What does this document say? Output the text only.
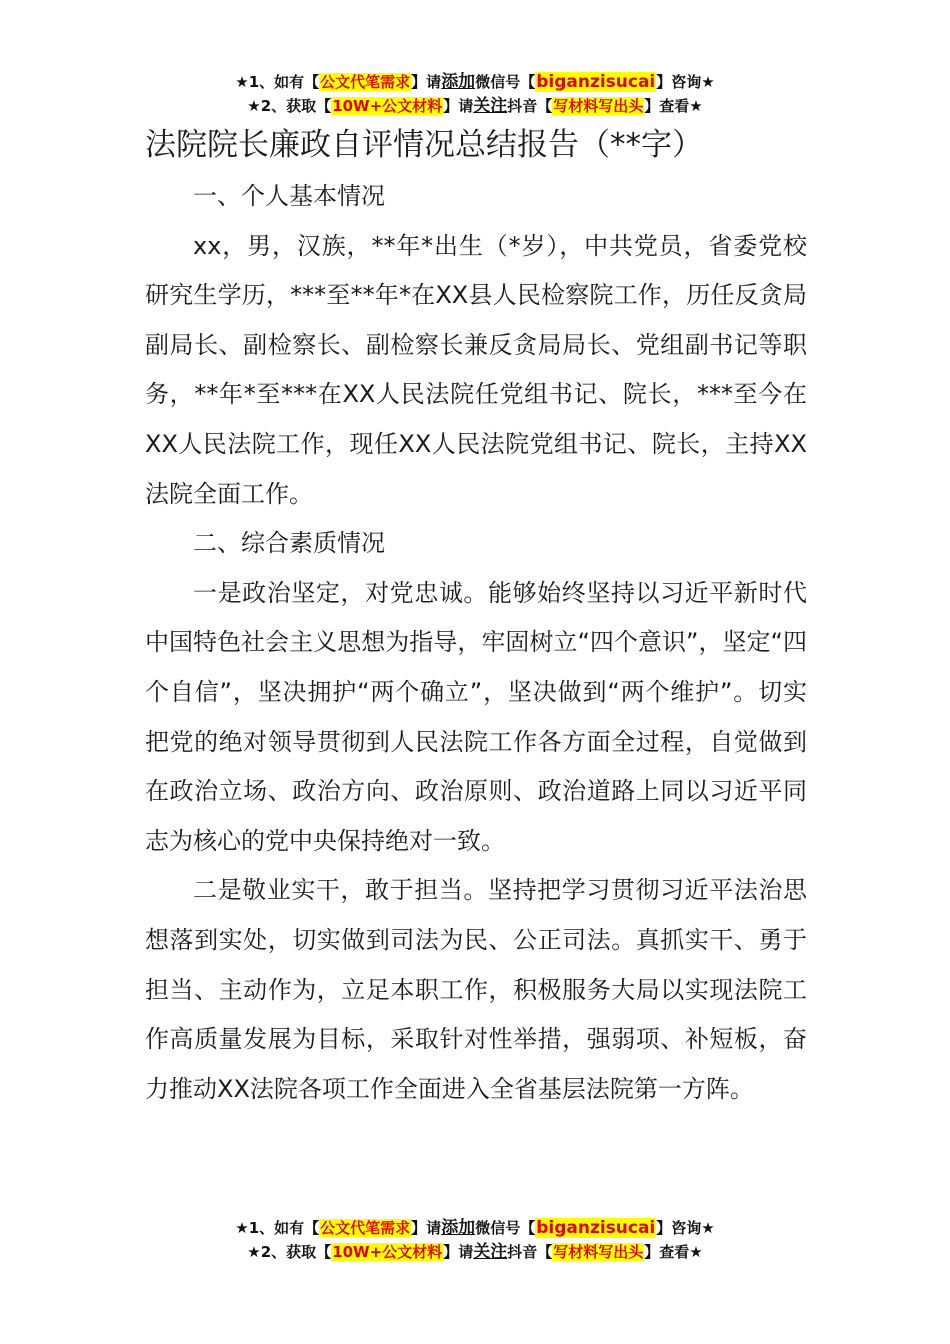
★1、如有【公文代笔需求】请添加微信号【biganzisucai】咨询★
★2、获取【10W+公文材料】请关注抖音【写材料写出头】查看★
法院院长廉政自评情况总结报告（**字）

一、个人基本情况

xx，男，汉族，**年*出生（*岁），中共党员，省委党校研究生学历，***至**年*在XX县人民检察院工作，历任反贪局副局长、副检察长、副检察长兼反贪局局长、党组副书记等职务，**年*至***在XX人民法院任党组书记、院长，***至今在XX人民法院工作，现任XX人民法院党组书记、院长，主持XX法院全面工作。

二、综合素质情况

一是政治坚定，对党忠诚。能够始终坚持以习近平新时代中国特色社会主义思想为指导，牢固树立“四个意识”，坚定“四个自信”，坚决拥护“两个确立”，坚决做到“两个维护”。切实把党的绝对领导贯彻到人民法院工作各方面全过程，自觉做到在政治立场、政治方向、政治原则、政治道路上同以习近平同志为核心的党中央保持绝对一致。

二是敬业实干，敢于担当。坚持把学习贯彻习近平法治思想落到实处，切实做到司法为民、公正司法。真抓实干、勇于担当、主动作为，立足本职工作，积极服务大局以实现法院工作高质量发展为目标，采取针对性举措，强弱项、补短板，奋力推动XX法院各项工作全面进入全省基层法院第一方阵。

★1、如有【公文代笔需求】请添加微信号【biganzisucai】咨询★
★2、获取【10W+公文材料】请关注抖音【写材料写出头】查看★
